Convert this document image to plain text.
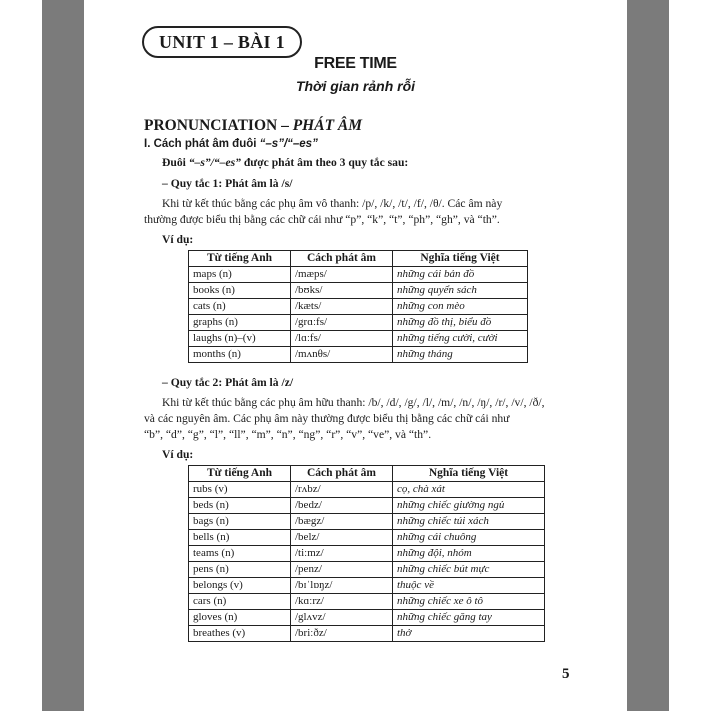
UNIT 1 – BÀI 1
FREE TIME
Thời gian rảnh rỗi
PRONUNCIATION – PHÁT ÂM
I. Cách phát âm đuôi “–s”/“–es”
Đuôi “–s”/“–es” được phát âm theo 3 quy tắc sau:
– Quy tắc 1: Phát âm là /s/
Khi từ kết thúc bằng các phụ âm vô thanh: /p/, /k/, /t/, /f/, /θ/. Các âm này
thường được biểu thị bằng các chữ cái như “p”, “k”, “t”, “ph”, “gh”, và “th”.
Ví dụ:
Từ tiếng Anh	Cách phát âm	Nghĩa tiếng Việt
maps (n)	/mæps/	những cái bản đồ
books (n)	/bʊks/	những quyển sách
cats (n)	/kæts/	những con mèo
graphs (n)	/grɑːfs/	những đồ thị, biểu đồ
laughs (n)–(v)	/lɑːfs/	những tiếng cười, cười
months (n)	/mʌnθs/	những tháng
– Quy tắc 2: Phát âm là /z/
Khi từ kết thúc bằng các phụ âm hữu thanh: /b/, /d/, /g/, /l/, /m/, /n/, /ŋ/, /r/, /v/, /ð/,
và các nguyên âm. Các phụ âm này thường được biểu thị bằng các chữ cái như
“b”, “d”, “g”, “l”, “ll”, “m”, “n”, “ng”, “r”, “v”, “ve”, và “th”.
Ví dụ:
Từ tiếng Anh	Cách phát âm	Nghĩa tiếng Việt
rubs (v)	/rʌbz/	cọ, chà xát
beds (n)	/bedz/	những chiếc giường ngủ
bags (n)	/bægz/	những chiếc túi xách
bells (n)	/belz/	những cái chuông
teams (n)	/tiːmz/	những đội, nhóm
pens (n)	/penz/	những chiếc bút mực
belongs (v)	/bɪˈlɒŋz/	thuộc về
cars (n)	/kɑːrz/	những chiếc xe ô tô
gloves (n)	/glʌvz/	những chiếc găng tay
breathes (v)	/briːðz/	thở
5
